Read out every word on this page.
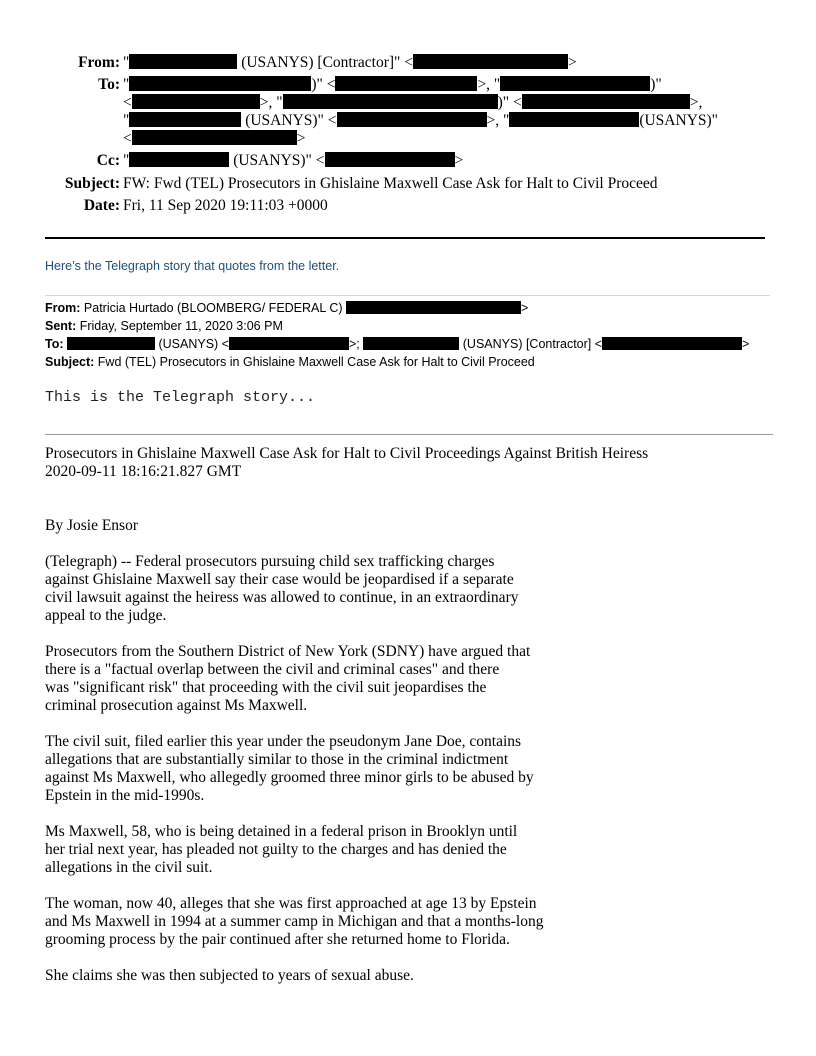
From: "	(USANYS) [Contractor]" <	>
To: "	)" <	>, "	)"
<	>, "	)" <	>,
"	(USANYS)" <	>, "	(USANYS)"
<	>
Cc: "	(USANYS)" <	>
Subject: FW: Fwd (TEL) Prosecutors in Ghislaine Maxwell Case Ask for Halt to Civil Proceed
Date: Fri, 11 Sep 2020 19:11:03 +0000
Here’s the Telegraph story that quotes from the letter.
From: Patricia Hurtado (BLOOMBERG/ FEDERAL C)	>
Sent: Friday, September 11, 2020 3:06 PM
To:	(USANYS) <	>;	(USANYS) [Contractor] <	>
Subject: Fwd (TEL) Prosecutors in Ghislaine Maxwell Case Ask for Halt to Civil Proceed
This is the Telegraph story...
Prosecutors in Ghislaine Maxwell Case Ask for Halt to Civil Proceedings Against British Heiress
2020-09-11 18:16:21.827 GMT
By Josie Ensor
(Telegraph) -- Federal prosecutors pursuing child sex trafficking charges
against Ghislaine Maxwell say their case would be jeopardised if a separate
civil lawsuit against the heiress was allowed to continue, in an extraordinary
appeal to the judge.
Prosecutors from the Southern District of New York (SDNY) have argued that
there is a "factual overlap between the civil and criminal cases" and there
was "significant risk" that proceeding with the civil suit jeopardises the
criminal prosecution against Ms Maxwell.
The civil suit, filed earlier this year under the pseudonym Jane Doe, contains
allegations that are substantially similar to those in the criminal indictment
against Ms Maxwell, who allegedly groomed three minor girls to be abused by
Epstein in the mid-1990s.
Ms Maxwell, 58, who is being detained in a federal prison in Brooklyn until
her trial next year, has pleaded not guilty to the charges and has denied the
allegations in the civil suit.
The woman, now 40, alleges that she was first approached at age 13 by Epstein
and Ms Maxwell in 1994 at a summer camp in Michigan and that a months-long
grooming process by the pair continued after she returned home to Florida.
She claims she was then subjected to years of sexual abuse.
